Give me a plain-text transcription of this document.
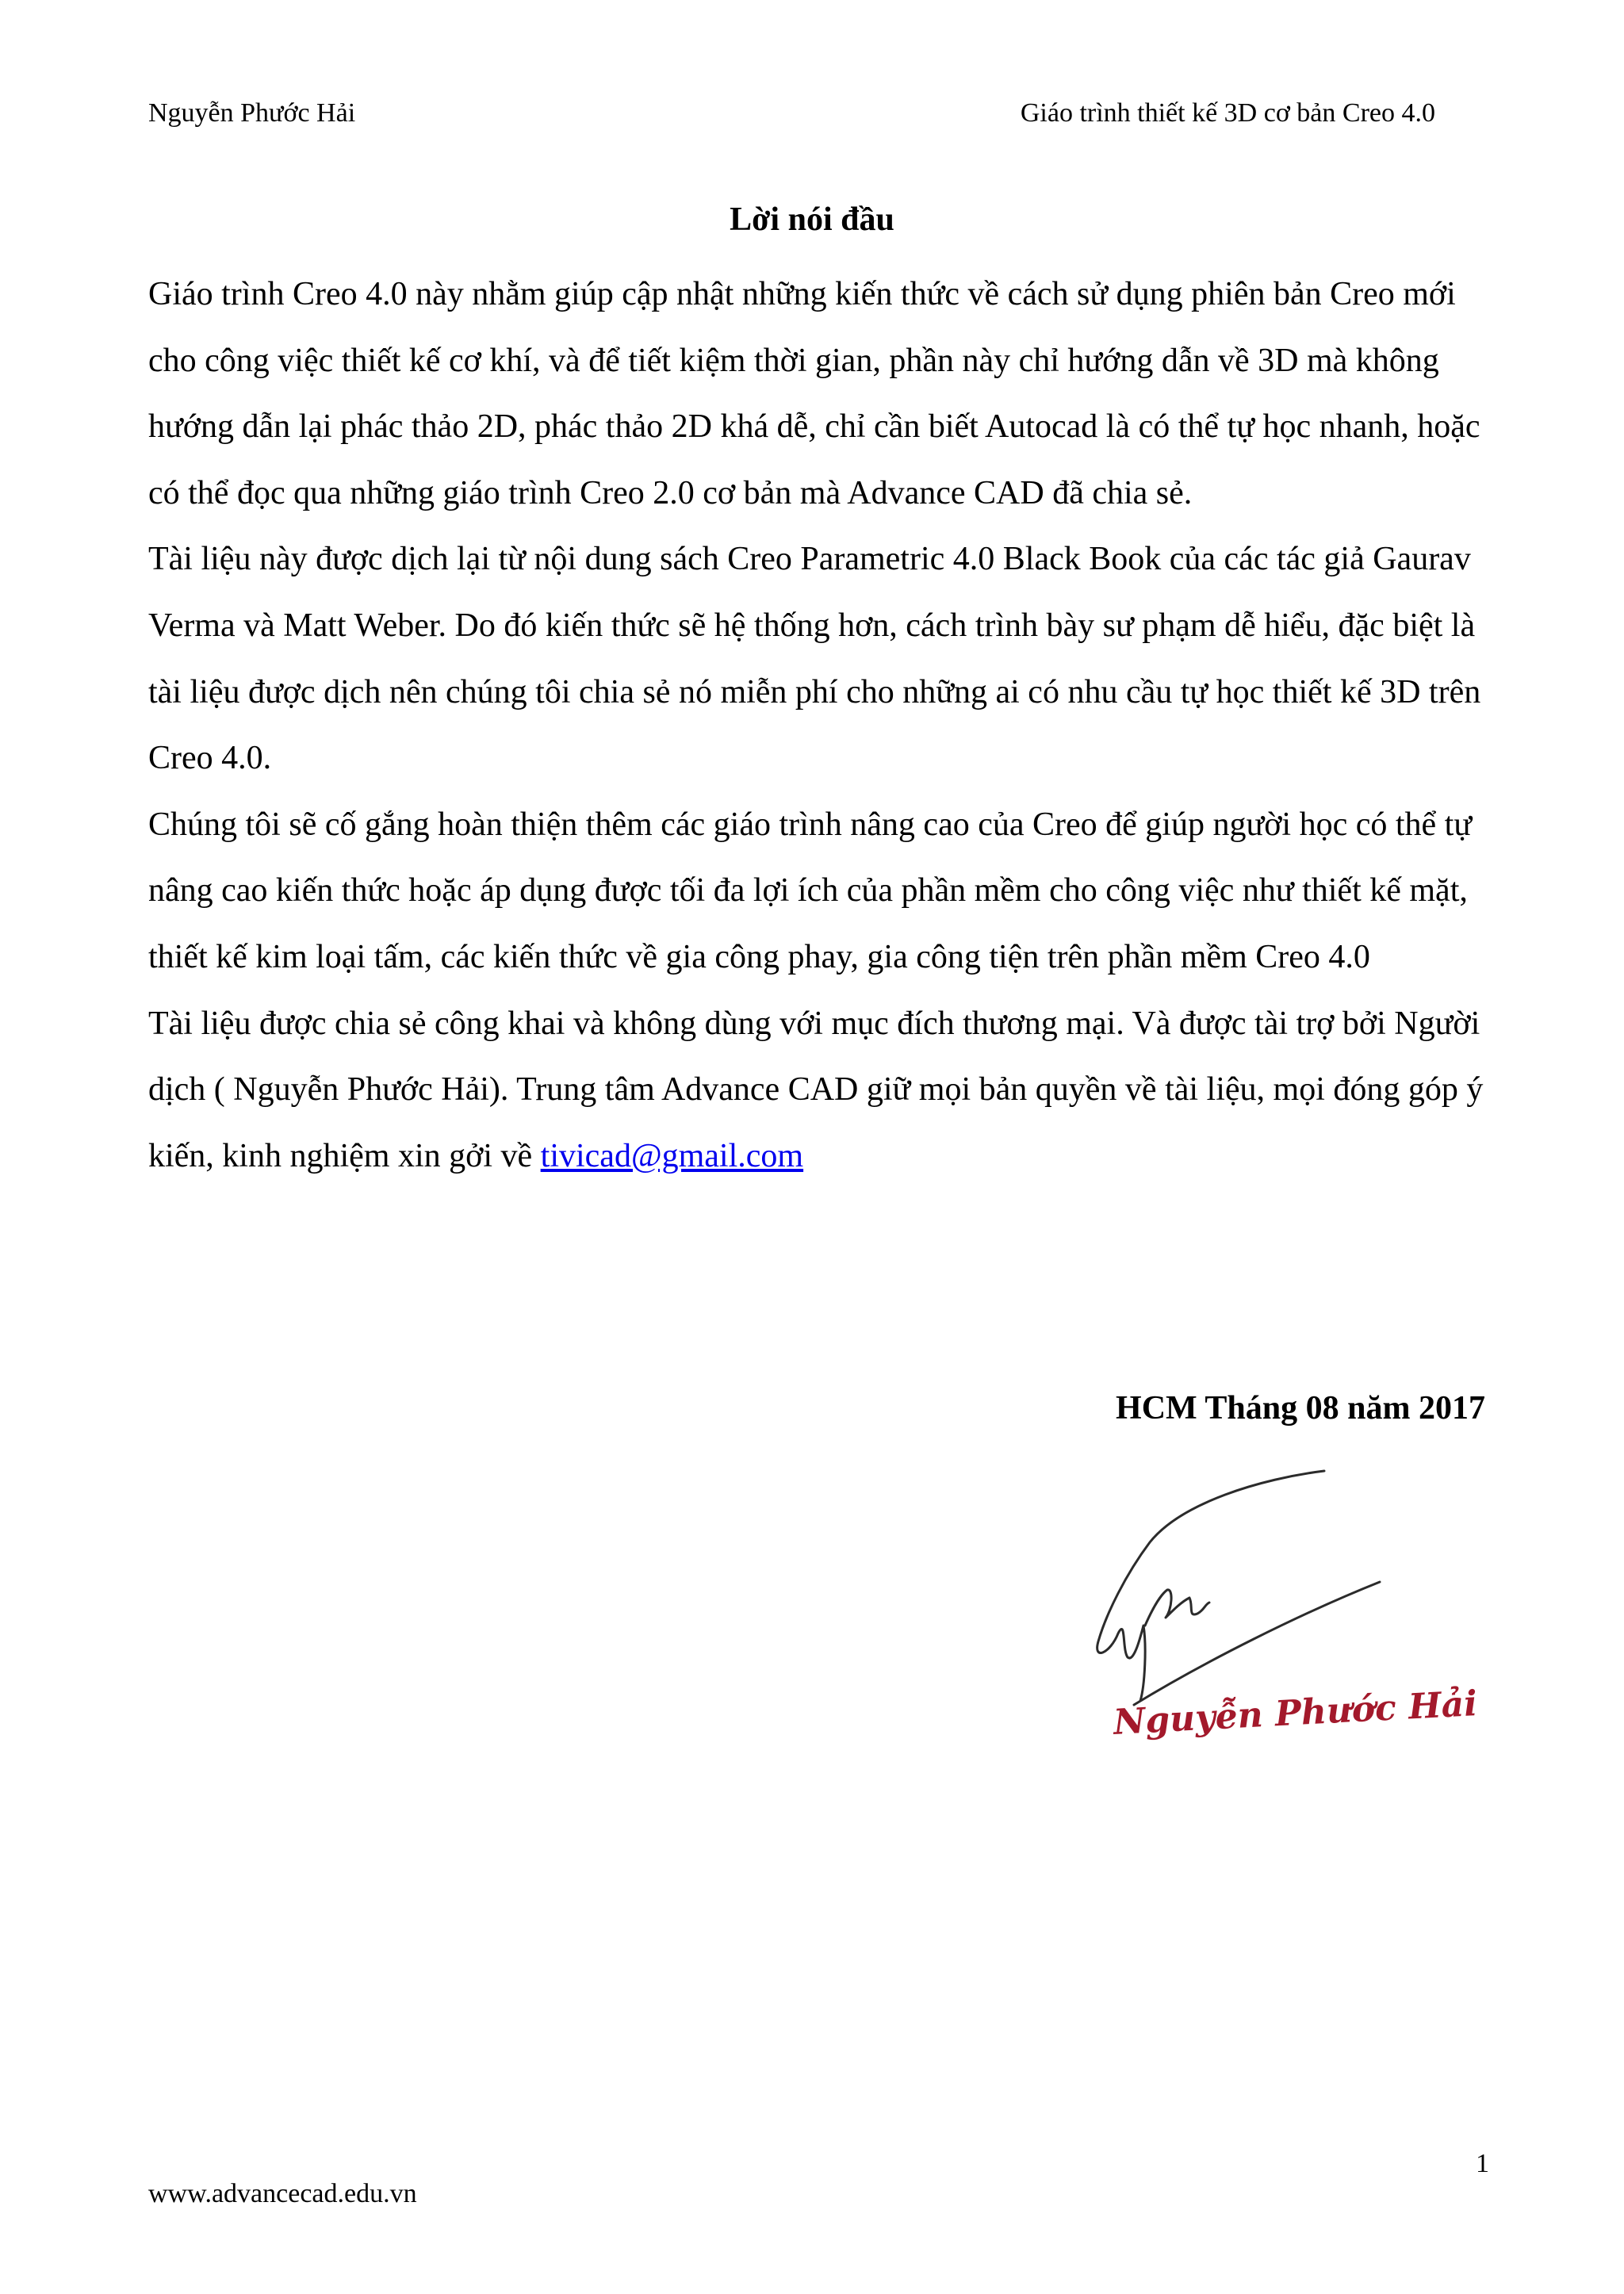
Nguyễn Phước Hải	Giáo trình thiết kế 3D cơ bản Creo 4.0
Lời nói đầu

Giáo trình Creo 4.0 này nhằm giúp cập nhật những kiến thức về cách sử dụng phiên bản Creo mới cho công việc thiết kế cơ khí, và để tiết kiệm thời gian, phần này chỉ hướng dẫn về 3D mà không hướng dẫn lại phác thảo 2D, phác thảo 2D khá dễ, chỉ cần biết Autocad là có thể tự học nhanh, hoặc có thể đọc qua những giáo trình Creo 2.0 cơ bản mà Advance CAD đã chia sẻ.

Tài liệu này được dịch lại từ nội dung sách Creo Parametric 4.0 Black Book của các tác giả Gaurav Verma và Matt Weber. Do đó kiến thức sẽ hệ thống hơn, cách trình bày sư phạm dễ hiểu, đặc biệt là tài liệu được dịch nên chúng tôi chia sẻ nó miễn phí cho những ai có nhu cầu tự học thiết kế 3D trên Creo 4.0.

Chúng tôi sẽ cố gắng hoàn thiện thêm các giáo trình nâng cao của Creo để giúp người học có thể tự nâng cao kiến thức hoặc áp dụng được tối đa lợi ích của phần mềm cho công việc như thiết kế mặt, thiết kế kim loại tấm, các kiến thức về gia công phay, gia công tiện trên phần mềm Creo 4.0

Tài liệu được chia sẻ công khai và không dùng với mục đích thương mại. Và được tài trợ bởi Người dịch ( Nguyễn Phước Hải). Trung tâm Advance CAD giữ mọi bản quyền về tài liệu, mọi đóng góp ý kiến, kinh nghiệm xin gởi về tivicad@gmail.com

HCM Tháng 08 năm 2017
Nguyễn Phước Hải
1
www.advancecad.edu.vn
